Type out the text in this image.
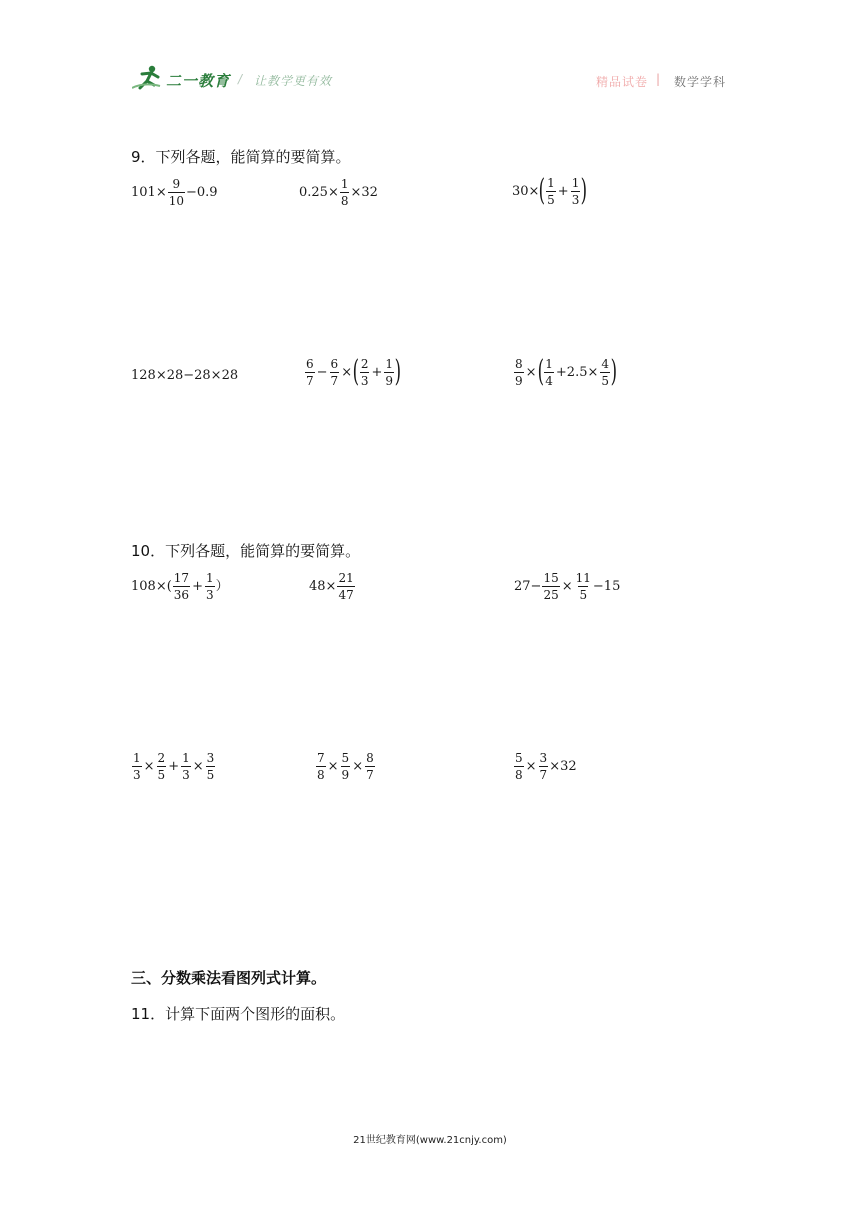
二一教育 / 让教学更有效	精品试卷 | 数学学科
9．下列各题，能简算的要简算。
$101\times \frac{9}{10} -0.9$	$0.25\times \frac{1}{8} \times 32$	30× ( $\frac{1}{5} + \frac{1}{3}$ )
128×28−28×28	$\frac{6}{7} - \frac{6}{7}$ × ( $\frac{2}{3} + \frac{1}{9}$ )	$\frac{8}{9}$ × ( $\frac{1}{4} +2.5\times \frac{4}{5}$ )
10．下列各题，能简算的要简算。
$108\times( \frac{17}{36} + \frac{1}{3}$ ）	$48\times \frac{21}{47}$	$27- \frac{15}{25} \times \frac{11}{5} -15$
$\frac{1}{3} \times \frac{2}{5} + \frac{1}{3} \times \frac{3}{5}$	$\frac{7}{8} \times \frac{5}{9} \times \frac{8}{7}$	$\frac{5}{8} \times \frac{3}{7} \times 32$
三、分数乘法看图列式计算。
11．计算下面两个图形的面积。
21世纪教育网(www.21cnjy.com)
